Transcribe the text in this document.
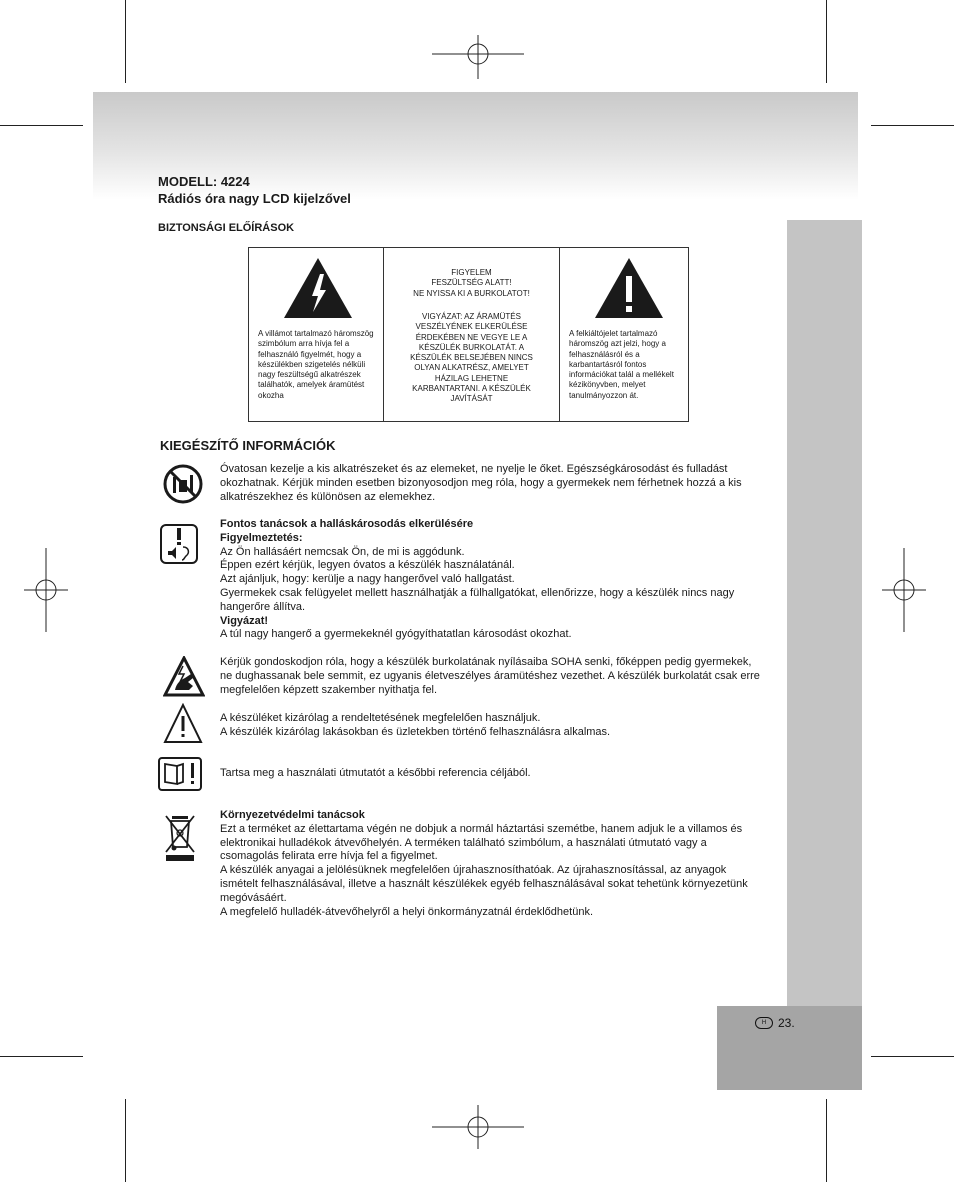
H 23.
MODELL: 4224
Rádiós óra nagy LCD kijelzővel
BIZTONSÁGI ELŐÍRÁSOK
A villámot tartalmazó háromszög szimbólum arra hívja fel a felhasználó figyelmét, hogy a készülékben szigetelés nélküli nagy feszültségű alkatrészek találhatók, amelyek áramütést okozha
FIGYELEM
FESZÜLTSÉG ALATT!
NE NYISSA KI A BURKOLATOT!
VIGYÁZAT: AZ ÁRAMÜTÉS
VESZÉLYÉNEK ELKERÜLÉSE
ÉRDEKÉBEN NE VEGYE LE A
KÉSZÜLÉK BURKOLATÁT. A
KÉSZÜLÉK BELSEJÉBEN NINCS
OLYAN ALKATRÉSZ, AMELYET
HÁZILAG LEHETNE
KARBANTARTANI. A KÉSZÜLÉK
JAVÍTÁSÁT
A felkiáltójelet tartalmazó háromszög azt jelzi, hogy a felhasználásról és a karbantartásról fontos információkat talál a mellékelt kézikönyvben, melyet tanulmányozzon át.
KIEGÉSZÍTŐ INFORMÁCIÓK

Óvatosan kezelje a kis alkatrészeket és az elemeket, ne nyelje le őket. Egészségkárosodást és fulladást okozhatnak. Kérjük minden esetben bizonyosodjon meg róla, hogy a gyermekek nem férhetnek hozzá a kis alkatrészekhez és különösen az elemekhez.

Fontos tanácsok a halláskárosodás elkerülésére

Figyelmeztetés:

Az Ön hallásáért nemcsak Ön, de mi is aggódunk.

Éppen ezért kérjük, legyen óvatos a készülék használatánál.

Azt ajánljuk, hogy: kerülje a nagy hangerővel való hallgatást.

Gyermekek csak felügyelet mellett használhatják a fülhallgatókat, ellenőrizze, hogy a készülék nincs nagy hangerőre állítva.

Vigyázat!

A túl nagy hangerő a gyermekeknél gyógyíthatatlan károsodást okozhat.

Kérjük gondoskodjon róla, hogy a készülék burkolatának nyílásaiba SOHA senki, főképpen pedig gyermekek, ne dughassanak bele semmit, ez ugyanis életveszélyes áramütéshez vezethet. A készülék burkolatát csak erre megfelelően képzett szakember nyithatja fel.

A készüléket kizárólag a rendeltetésének megfelelően használjuk.

A készülék kizárólag lakásokban és üzletekben történő felhasználásra alkalmas.

Tartsa meg a használati útmutatót a későbbi referencia céljából.

Környezetvédelmi tanácsok

Ezt a terméket az élettartama végén ne dobjuk a normál háztartási szemétbe, hanem adjuk le a villamos és elektronikai hulladékok átvevőhelyén. A terméken található szimbólum, a használati útmutató vagy a csomagolás felirata erre hívja fel a figyelmet.

A készülék anyagai a jelölésüknek megfelelően újrahasznosíthatóak. Az újrahasznosítással, az anyagok ismételt felhasználásával, illetve a használt készülékek egyéb felhasználásával sokat tehetünk környezetünk megóvásáért.

A megfelelő hulladék-átvevőhelyről a helyi önkormányzatnál érdeklődhetünk.
